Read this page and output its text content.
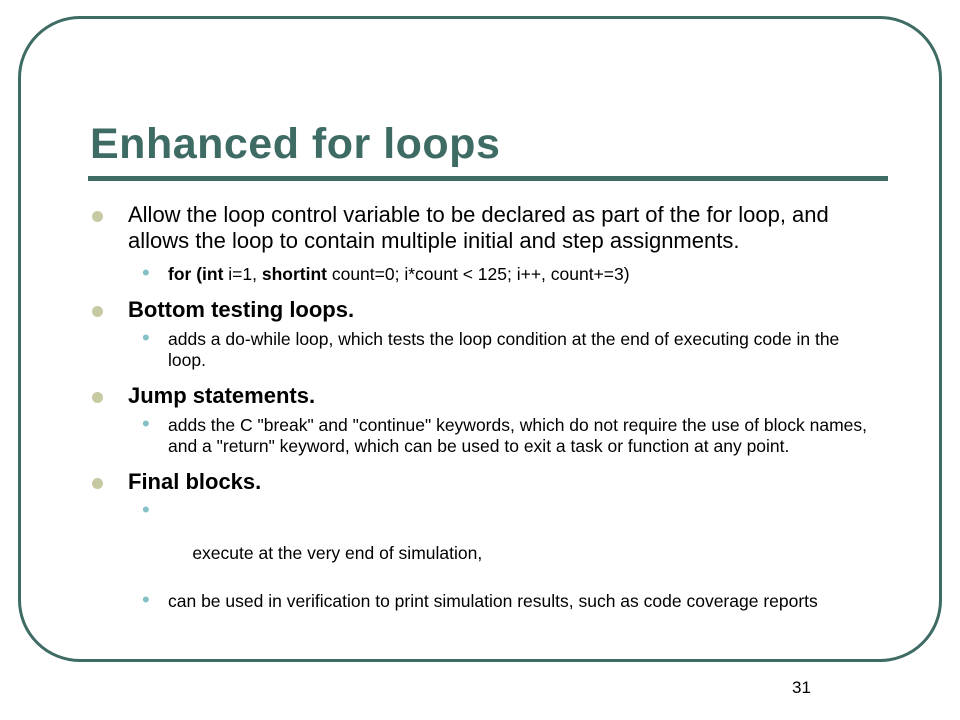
Enhanced for loops
Allow the loop control variable to be declared as part of the for loop, and allows the loop to contain multiple initial and step assignments.
• for (int i=1, shortint count=0; i*count < 125; i++, count+=3)
Bottom testing loops.
• adds a do-while loop, which tests the loop condition at the end of executing code in the loop.
Jump statements.
• adds the C "break" and "continue" keywords, which do not require the use of block names, and a "return" keyword, which can be used to exit a task or function at any point.
Final blocks.

•

execute at the very end of simulation,

• can be used in verification to print simulation results, such as code coverage reports
31
